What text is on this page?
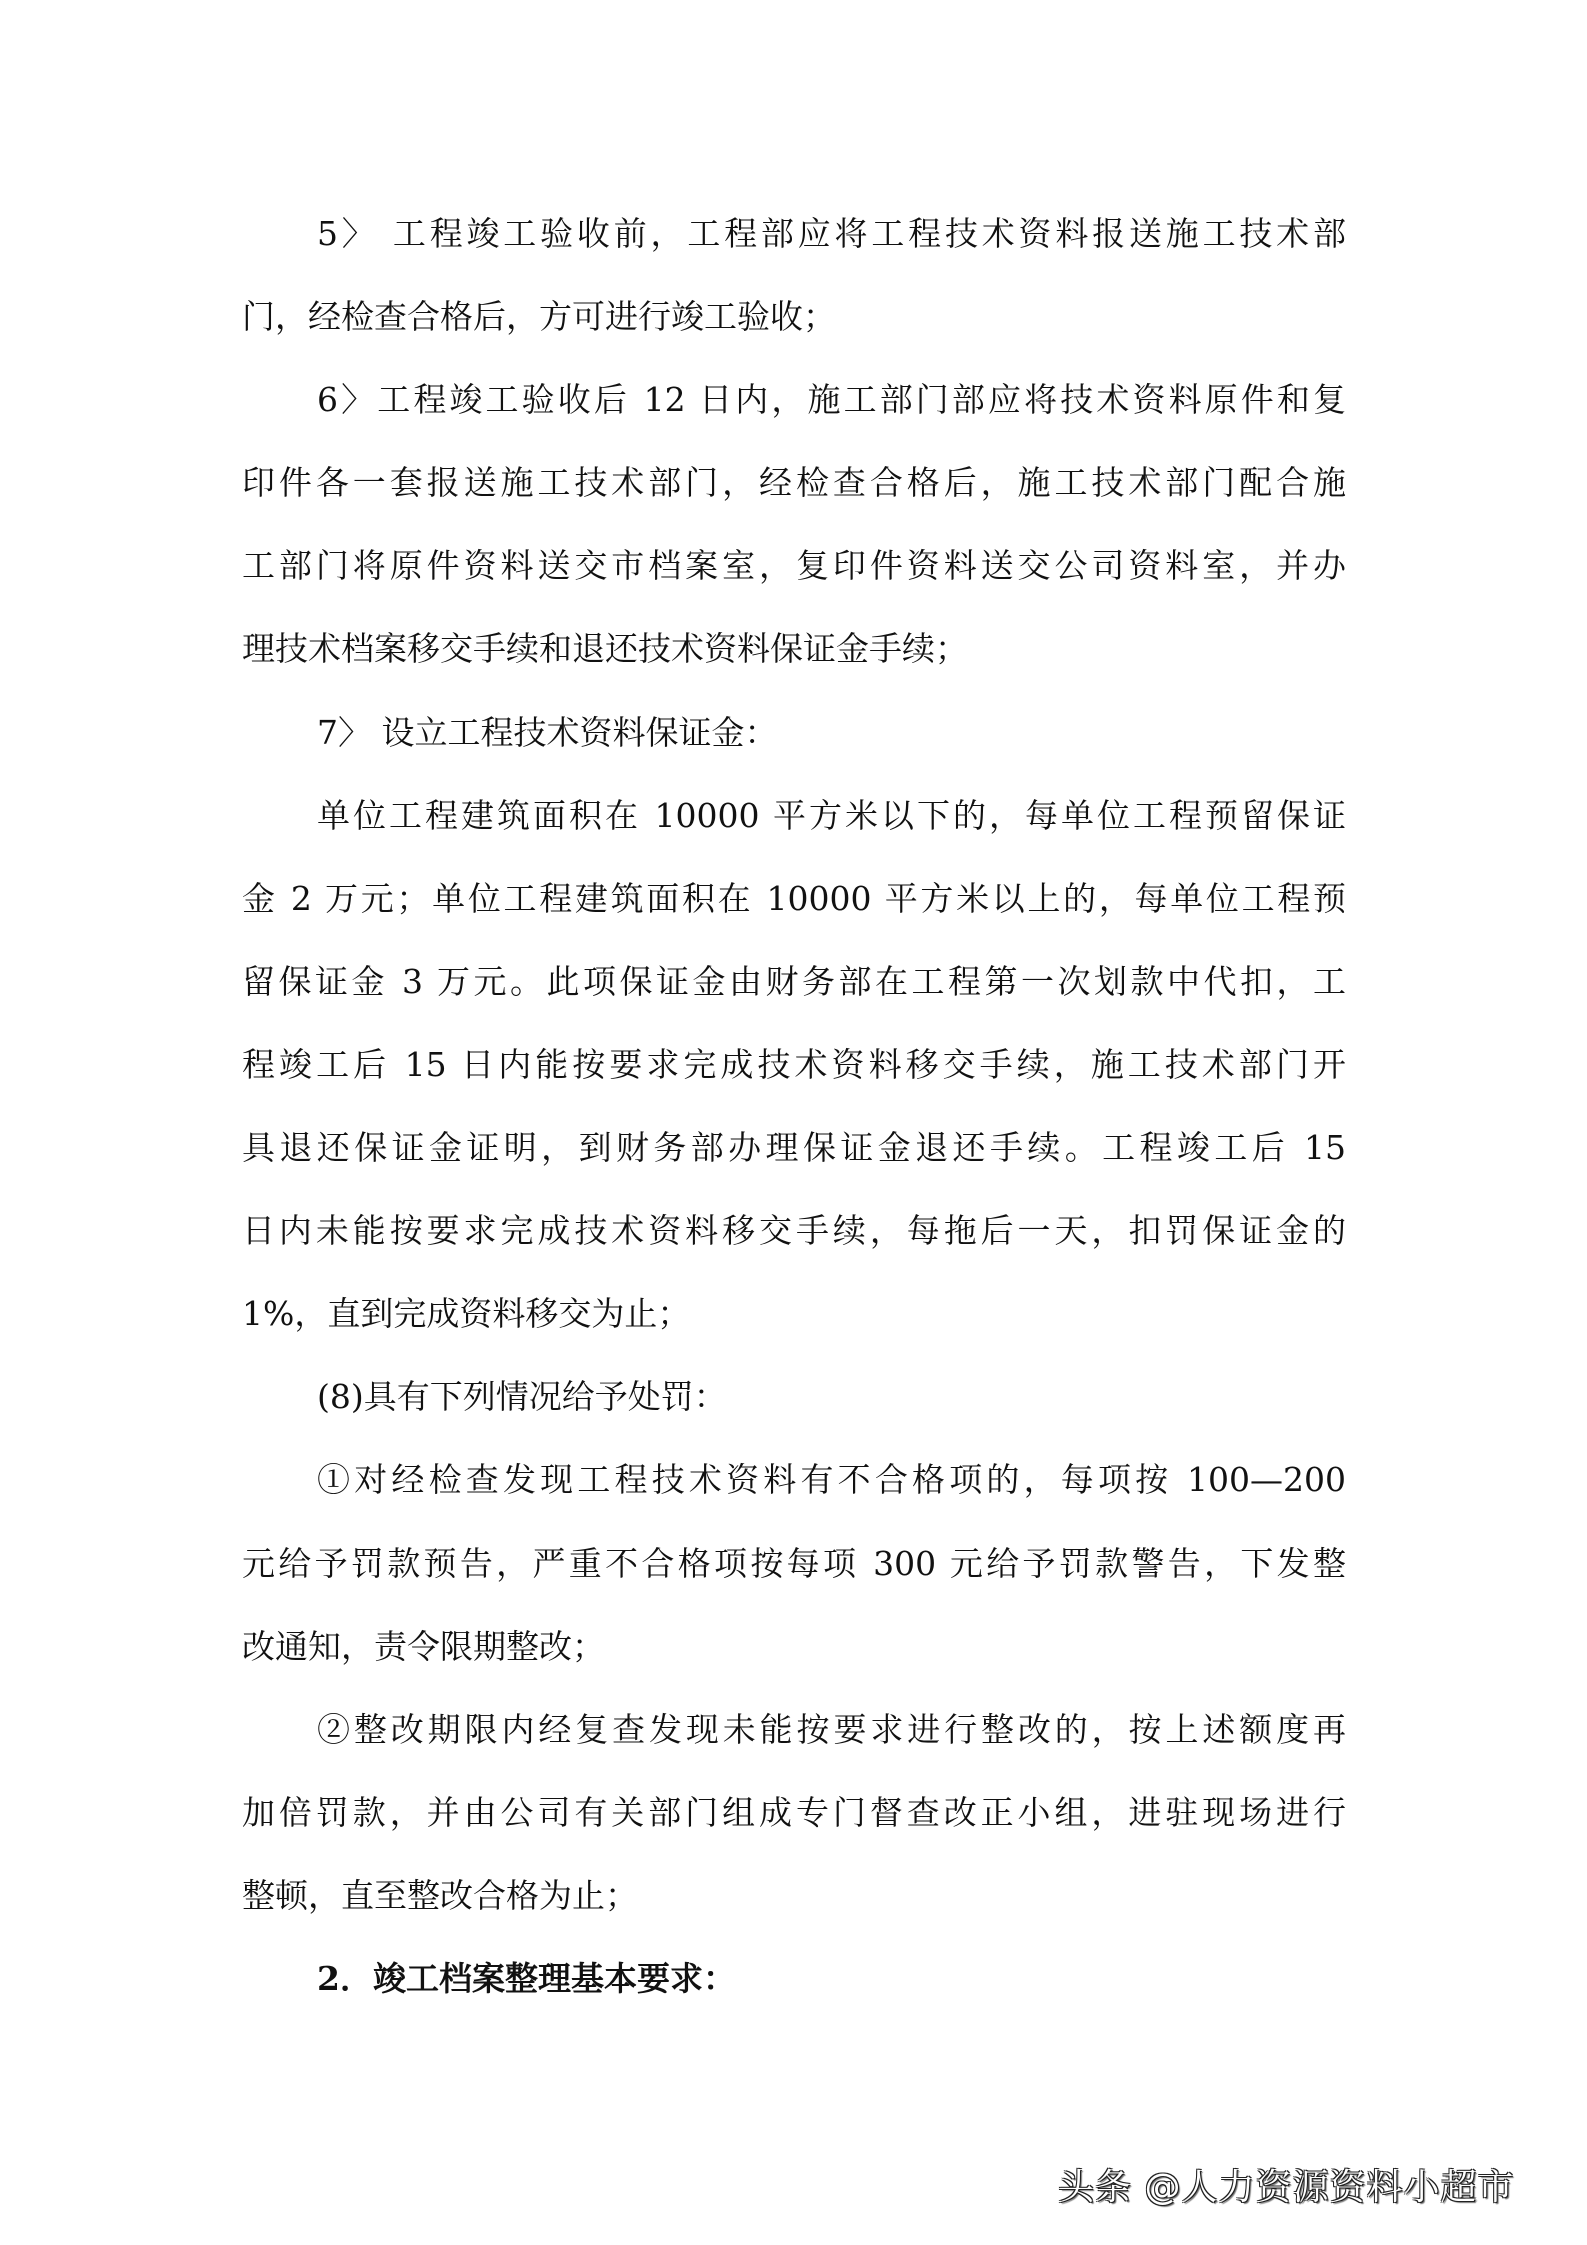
5〉 工程竣工验收前，工程部应将工程技术资料报送施工技术部
门，经检查合格后，方可进行竣工验收；
6〉工程竣工验收后 12 日内，施工部门部应将技术资料原件和复
印件各一套报送施工技术部门，经检查合格后，施工技术部门配合施
工部门将原件资料送交市档案室，复印件资料送交公司资料室，并办
理技术档案移交手续和退还技术资料保证金手续；
7〉 设立工程技术资料保证金：
单位工程建筑面积在 10000 平方米以下的，每单位工程预留保证
金 2 万元；单位工程建筑面积在 10000 平方米以上的，每单位工程预
留保证金 3 万元。此项保证金由财务部在工程第一次划款中代扣，工
程竣工后 15 日内能按要求完成技术资料移交手续，施工技术部门开
具退还保证金证明，到财务部办理保证金退还手续。工程竣工后 15
日内未能按要求完成技术资料移交手续，每拖后一天，扣罚保证金的
1%，直到完成资料移交为止；
(8)具有下列情况给予处罚：
①对经检查发现工程技术资料有不合格项的，每项按 100—200
元给予罚款预告，严重不合格项按每项 300 元给予罚款警告，下发整
改通知，责令限期整改；
②整改期限内经复查发现未能按要求进行整改的，按上述额度再
加倍罚款，并由公司有关部门组成专门督查改正小组，进驻现场进行
整顿，直至整改合格为止；
2．竣工档案整理基本要求：
头条 @人力资源资料小超市
